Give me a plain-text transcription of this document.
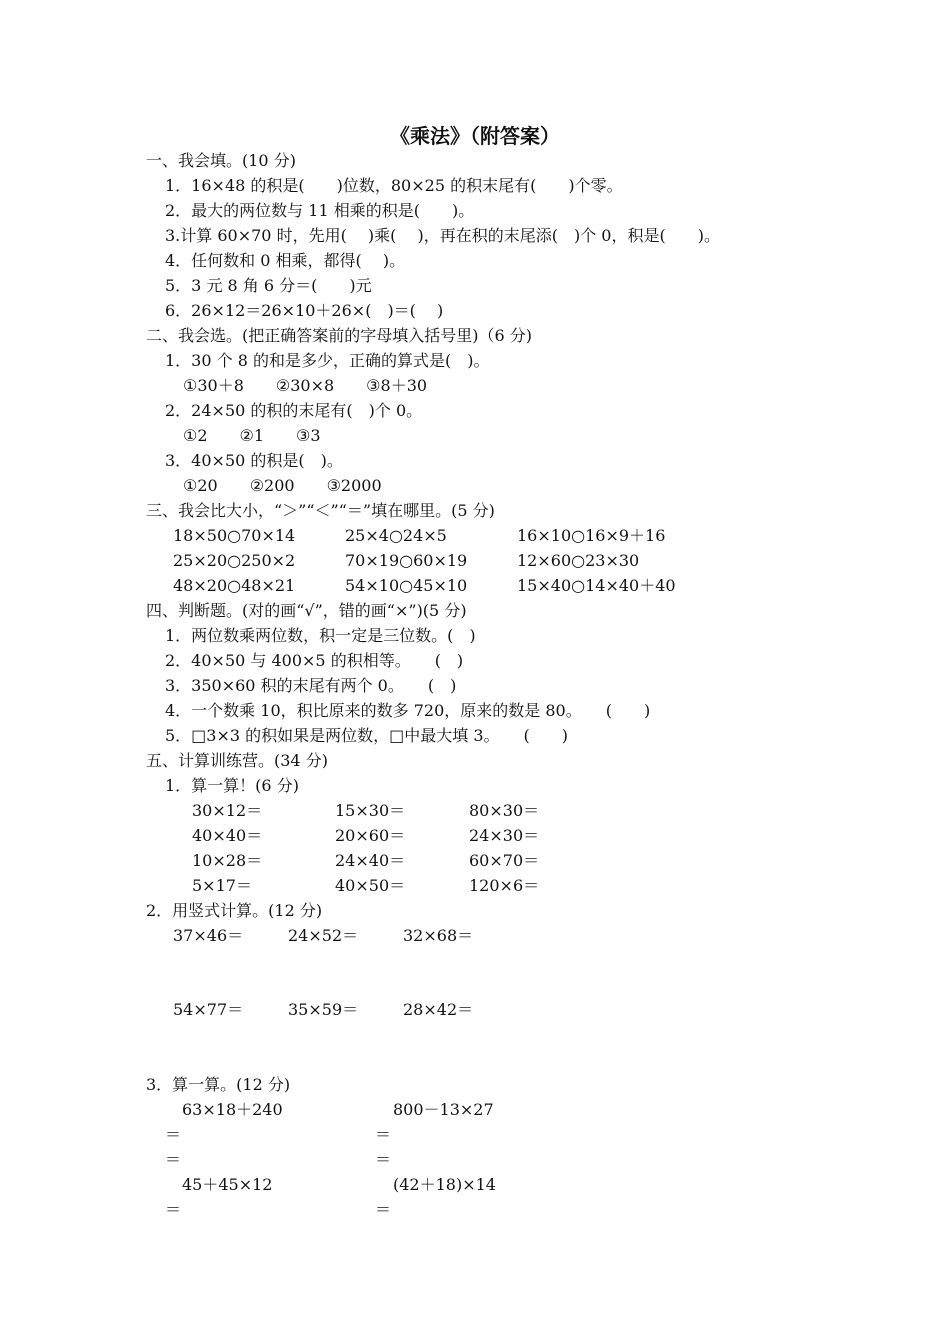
《乘法》（附答案）
一、我会填。(10 分)
1．16×48 的积是(　　)位数，80×25 的积末尾有(　　)个零。
2．最大的两位数与 11 相乘的积是(　　)。
3.计算 60×70 时，先用(　 )乘(　 )，再在积的末尾添(　)个 0，积是(　　)。
4．任何数和 0 相乘，都得(　 )。
5．3 元 8 角 6 分＝(　　)元
6．26×12＝26×10＋26×(　)＝(　 )
二、我会选。(把正确答案前的字母填入括号里)（6 分)
1．30 个 8 的和是多少，正确的算式是(　)。
①30＋8　　②30×8　　③8＋30
2．24×50 的积的末尾有(　)个 0。
①2　　②1　　③3
3．40×50 的积是(　)。
①20　　②200　　③2000
三、我会比大小，“＞”“＜”“＝”填在哪里。(5 分)
18×50○70×14	25×4○24×5	16×10○16×9＋16
25×20○250×2	70×19○60×19	12×60○23×30
48×20○48×21	54×10○45×10	15×40○14×40＋40
四、判断题。(对的画“√”，错的画“×”)(5 分)
1．两位数乘两位数，积一定是三位数。(　)
2．40×50 与 400×5 的积相等。　　(　)
3．350×60 积的末尾有两个 0。　　(　)
4．一个数乘 10，积比原来的数多 720，原来的数是 80。　　(　　)
5．□3×3 的积如果是两位数，□中最大填 3。　　(　　)
五、计算训练营。(34 分)
1．算一算！(6 分)
30×12＝	15×30＝	80×30＝
40×40＝	20×60＝	24×30＝
10×28＝	24×40＝	60×70＝
5×17＝	40×50＝	120×6＝
2．用竖式计算。(12 分)
37×46＝	24×52＝	32×68＝
54×77＝	35×59＝	28×42＝
3．算一算。(12 分)
63×18＋240	800－13×27
＝	＝
＝	＝
45＋45×12	(42＋18)×14
＝	＝
